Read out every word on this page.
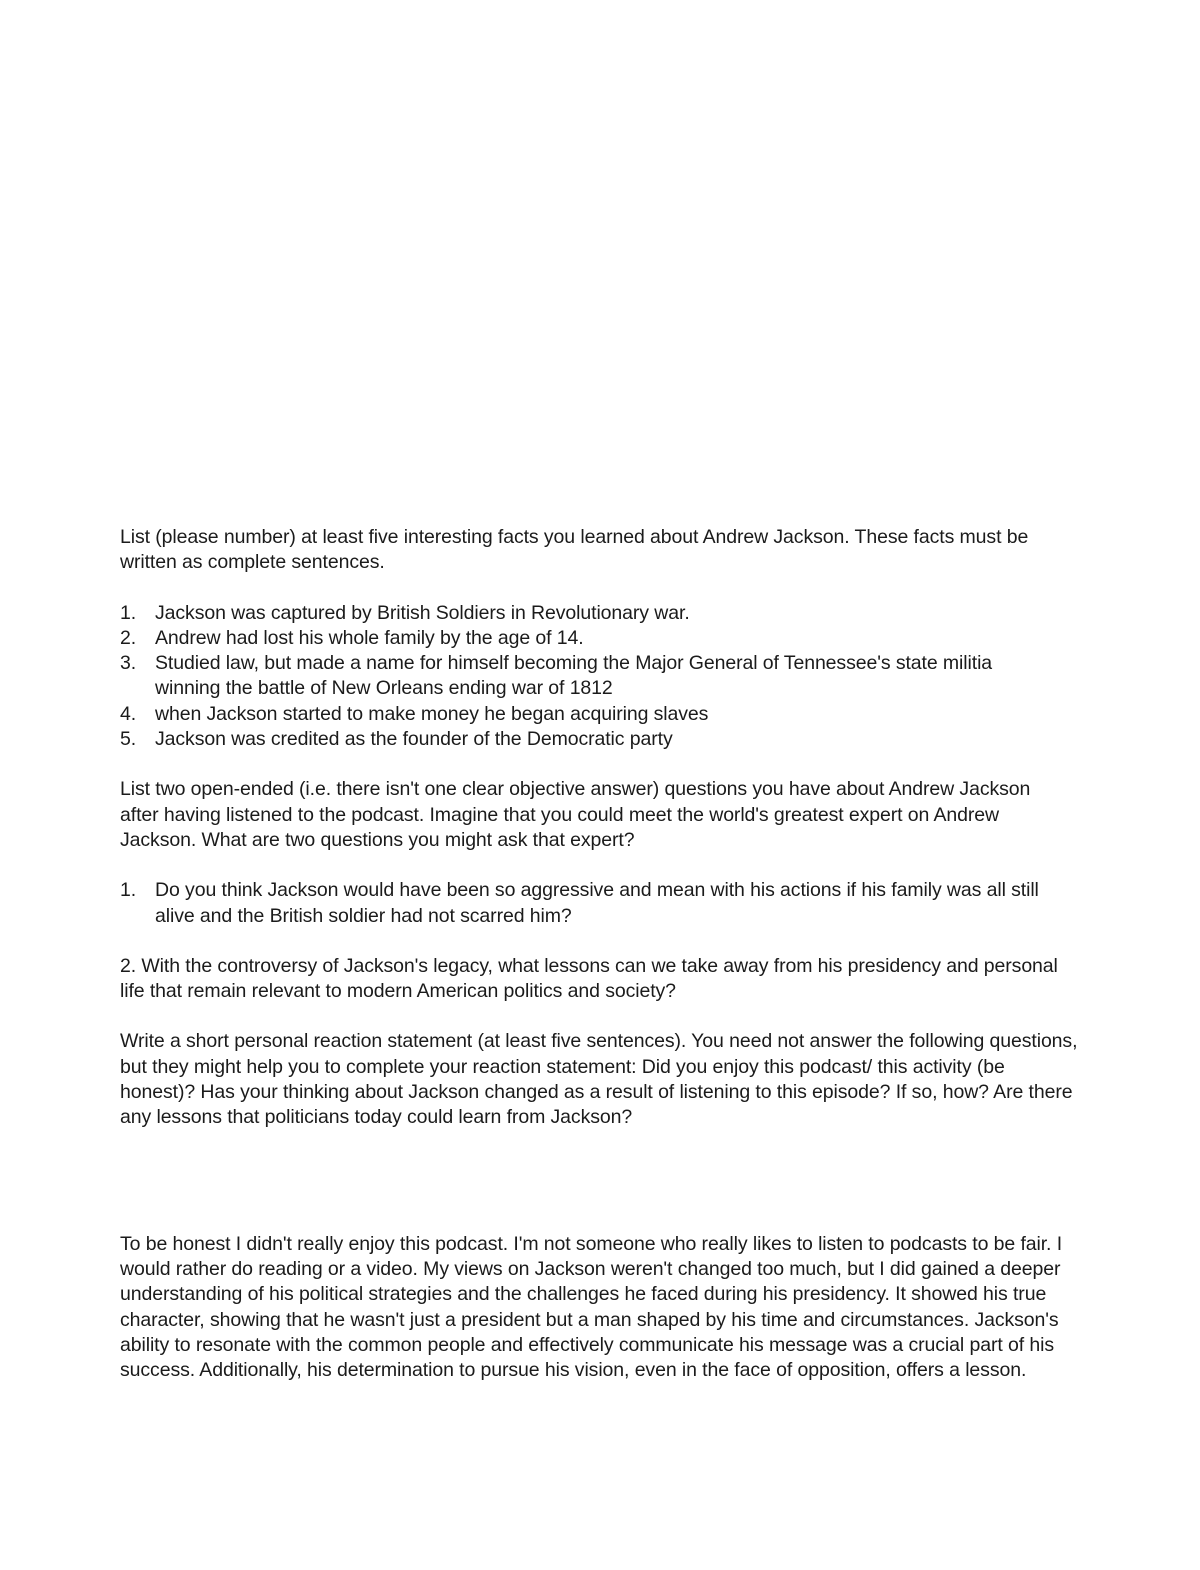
List (please number) at least five interesting facts you learned about Andrew Jackson. These facts must be written as complete sentences.

1. Jackson was captured by British Soldiers in Revolutionary war.
2. Andrew had lost his whole family by the age of 14.
3. Studied law, but made a name for himself becoming the Major General of Tennessee's state militia winning the battle of New Orleans ending war of 1812
4. when Jackson started to make money he began acquiring slaves
5. Jackson was credited as the founder of the Democratic party

List two open-ended (i.e. there isn't one clear objective answer) questions you have about Andrew Jackson after having listened to the podcast. Imagine that you could meet the world's greatest expert on Andrew Jackson. What are two questions you might ask that expert?

1. Do you think Jackson would have been so aggressive and mean with his actions if his family was all still alive and the British soldier had not scarred him?

2. With the controversy of Jackson's legacy, what lessons can we take away from his presidency and personal life that remain relevant to modern American politics and society?

Write a short personal reaction statement (at least five sentences). You need not answer the following questions, but they might help you to complete your reaction statement: Did you enjoy this podcast/ this activity (be honest)? Has your thinking about Jackson changed as a result of listening to this episode? If so, how? Are there any lessons that politicians today could learn from Jackson?

To be honest I didn't really enjoy this podcast. I'm not someone who really likes to listen to podcasts to be fair. I would rather do reading or a video. My views on Jackson weren't changed too much, but I did gained a deeper understanding of his political strategies and the challenges he faced during his presidency. It showed his true character, showing that he wasn't just a president but a man shaped by his time and circumstances. Jackson's ability to resonate with the common people and effectively communicate his message was a crucial part of his success. Additionally, his determination to pursue his vision, even in the face of opposition, offers a lesson.
